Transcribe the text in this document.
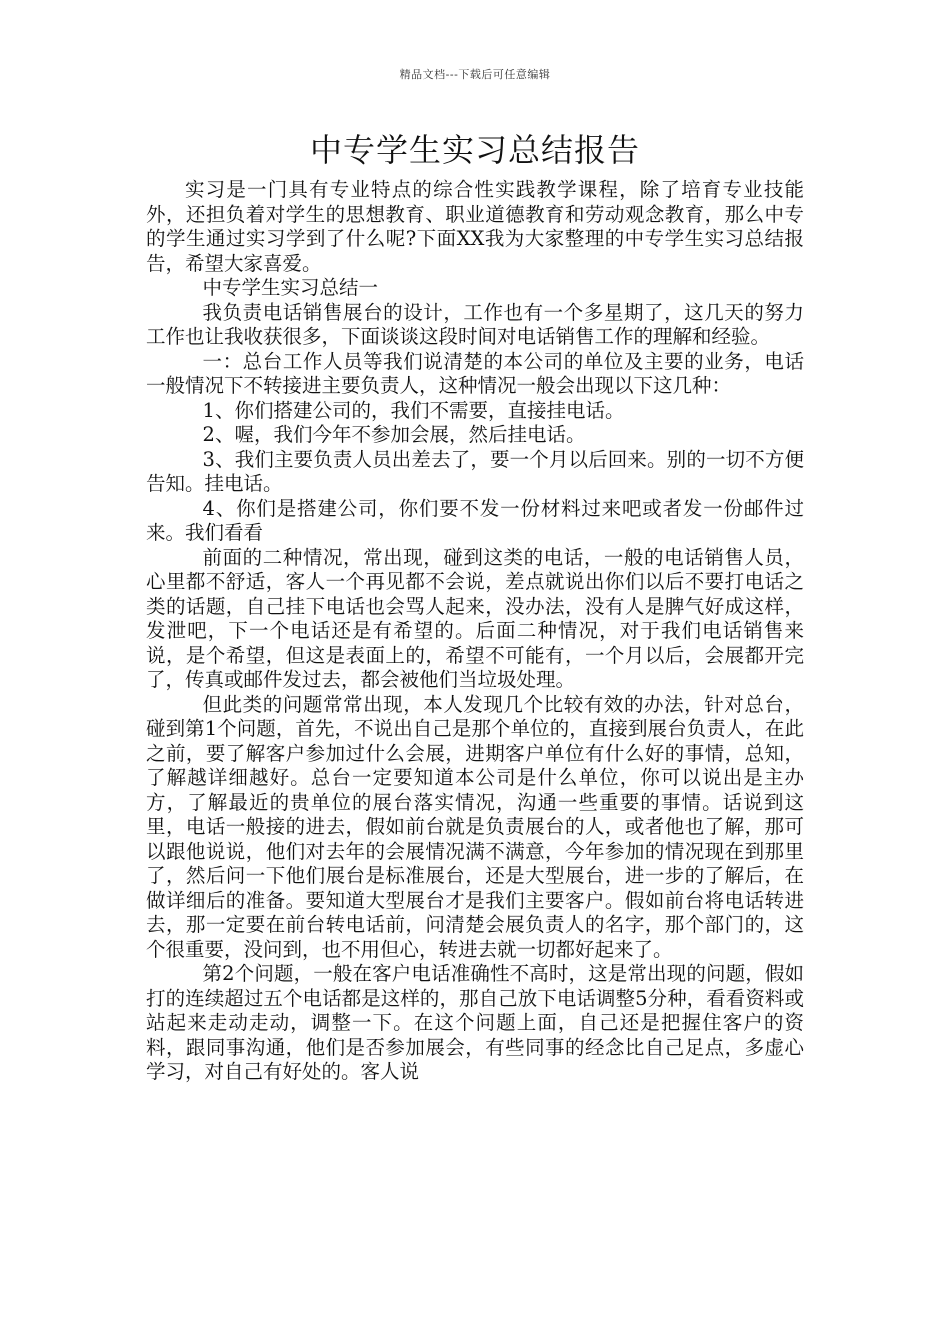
精品文档---下载后可任意编辑
中专学生实习总结报告

实习是一门具有专业特点的综合性实践教学课程，除了培育专业技能外，还担负着对学生的思想教育、职业道德教育和劳动观念教育，那么中专的学生通过实习学到了什么呢?下面XX我为大家整理的中专学生实习总结报告，希望大家喜爱。

中专学生实习总结一

我负责电话销售展台的设计，工作也有一个多星期了，这几天的努力工作也让我收获很多，下面谈谈这段时间对电话销售工作的理解和经验。

一：总台工作人员等我们说清楚的本公司的单位及主要的业务，电话一般情况下不转接进主要负责人，这种情况一般会出现以下这几种：

1、你们搭建公司的，我们不需要，直接挂电话。

2、喔，我们今年不参加会展，然后挂电话。

3、我们主要负责人员出差去了，要一个月以后回来。别的一切不方便告知。挂电话。

4、你们是搭建公司，你们要不发一份材料过来吧或者发一份邮件过来。我们看看

前面的二种情况，常出现，碰到这类的电话，一般的电话销售人员，心里都不舒适，客人一个再见都不会说，差点就说出你们以后不要打电话之类的话题，自己挂下电话也会骂人起来，没办法，没有人是脾气好成这样，发泄吧，下一个电话还是有希望的。后面二种情况，对于我们电话销售来说，是个希望，但这是表面上的，希望不可能有，一个月以后，会展都开完了，传真或邮件发过去，都会被他们当垃圾处理。

但此类的问题常常出现，本人发现几个比较有效的办法，针对总台，碰到第1个问题，首先，不说出自己是那个单位的，直接到展台负责人，在此之前，要了解客户参加过什么会展，进期客户单位有什么好的事情，总知，了解越详细越好。总台一定要知道本公司是什么单位，你可以说出是主办方，了解最近的贵单位的展台落实情况，沟通一些重要的事情。话说到这里，电话一般接的进去，假如前台就是负责展台的人，或者他也了解，那可以跟他说说，他们对去年的会展情况满不满意，今年参加的情况现在到那里了，然后问一下他们展台是标准展台，还是大型展台，进一步的了解后，在做详细后的准备。要知道大型展台才是我们主要客户。假如前台将电话转进去，那一定要在前台转电话前，问清楚会展负责人的名字，那个部门的，这个很重要，没问到，也不用但心，转进去就一切都好起来了。

第2个问题，一般在客户电话准确性不高时，这是常出现的问题，假如打的连续超过五个电话都是这样的，那自己放下电话调整5分种，看看资料或站起来走动走动，调整一下。在这个问题上面，自己还是把握住客户的资料，跟同事沟通，他们是否参加展会，有些同事的经念比自己足点，多虚心学习，对自己有好处的。客人说
